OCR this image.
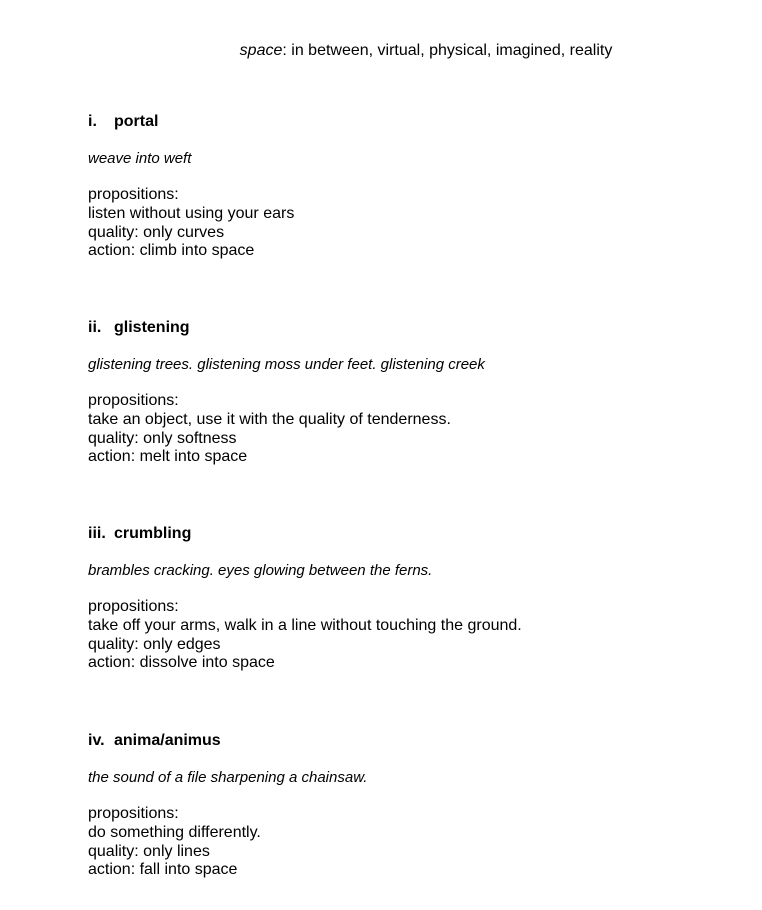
space: in between, virtual, physical, imagined, reality
i. portal
weave into weft
propositions:
listen without using your ears
quality: only curves
action: climb into space
ii. glistening
glistening trees. glistening moss under feet. glistening creek
propositions:
take an object, use it with the quality of tenderness.
quality: only softness
action: melt into space
iii. crumbling
brambles cracking. eyes glowing between the ferns.
propositions:
take off your arms, walk in a line without touching the ground.
quality: only edges
action: dissolve into space
iv. anima/animus
the sound of a file sharpening a chainsaw.
propositions:
do something differently.
quality: only lines
action: fall into space
